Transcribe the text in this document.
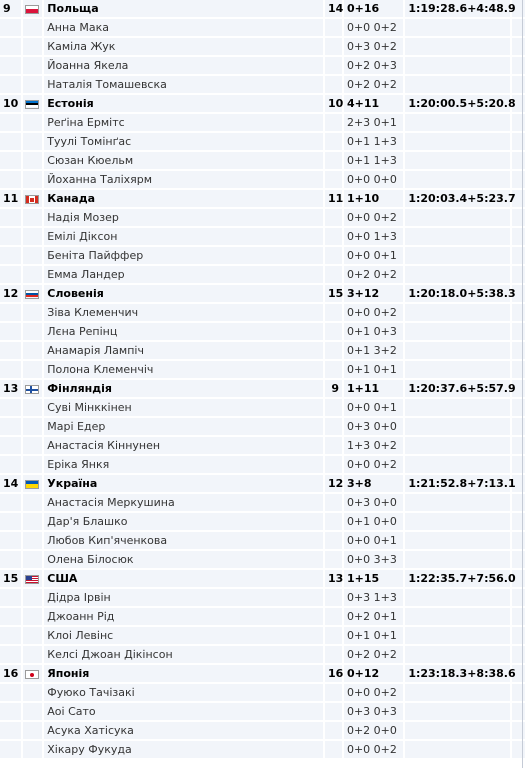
9		Польща	14	0+16	1:19:28.6+4:48.9	
		Анна Мака		0+0 0+2		
		Каміла Жук		0+3 0+2		
		Йоанна Якела		0+2 0+3		
		Наталія Томашевска		0+2 0+2		
10		Естонія	10	4+11	1:20:00.5+5:20.8	
		Реґіна Ермітс		2+3 0+1		
		Туулі Томінґас		0+1 1+3		
		Сюзан Кюельм		0+1 1+3		
		Йоханна Таліхярм		0+0 0+0		
11		Канада	11	1+10	1:20:03.4+5:23.7	
		Надія Мозер		0+0 0+2		
		Емілі Діксон		0+0 1+3		
		Беніта Пайффер		0+0 0+1		
		Емма Ландер		0+2 0+2		
12		Словенія	15	3+12	1:20:18.0+5:38.3	
		Зіва Клеменчич		0+0 0+2		
		Лєна Репінц		0+1 0+3		
		Анамарія Лампіч		0+1 3+2		
		Полона Клеменчіч		0+1 0+1		
13		Фінляндія	9	1+11	1:20:37.6+5:57.9	
		Суві Мінккінен		0+0 0+1		
		Марі Едер		0+3 0+0		
		Анастасія Кіннунен		1+3 0+2		
		Еріка Янкя		0+0 0+2		
14		Україна	12	3+8	1:21:52.8+7:13.1	
		Анастасія Меркушина		0+3 0+0		
		Дар'я Блашко		0+1 0+0		
		Любов Кип'яченкова		0+0 0+1		
		Олена Білосюк		0+0 3+3		
15		США	13	1+15	1:22:35.7+7:56.0	
		Дідра Ірвін		0+3 1+3		
		Джоанн Рід		0+2 0+1		
		Клоі Левінс		0+1 0+1		
		Келсі Джоан Дікінсон		0+2 0+2		
16		Японія	16	0+12	1:23:18.3+8:38.6	
		Фуюко Тачізакі		0+0 0+2		
		Аоі Сато		0+3 0+3		
		Асука Хатісука		0+2 0+0		
		Хікару Фукуда		0+0 0+2		
